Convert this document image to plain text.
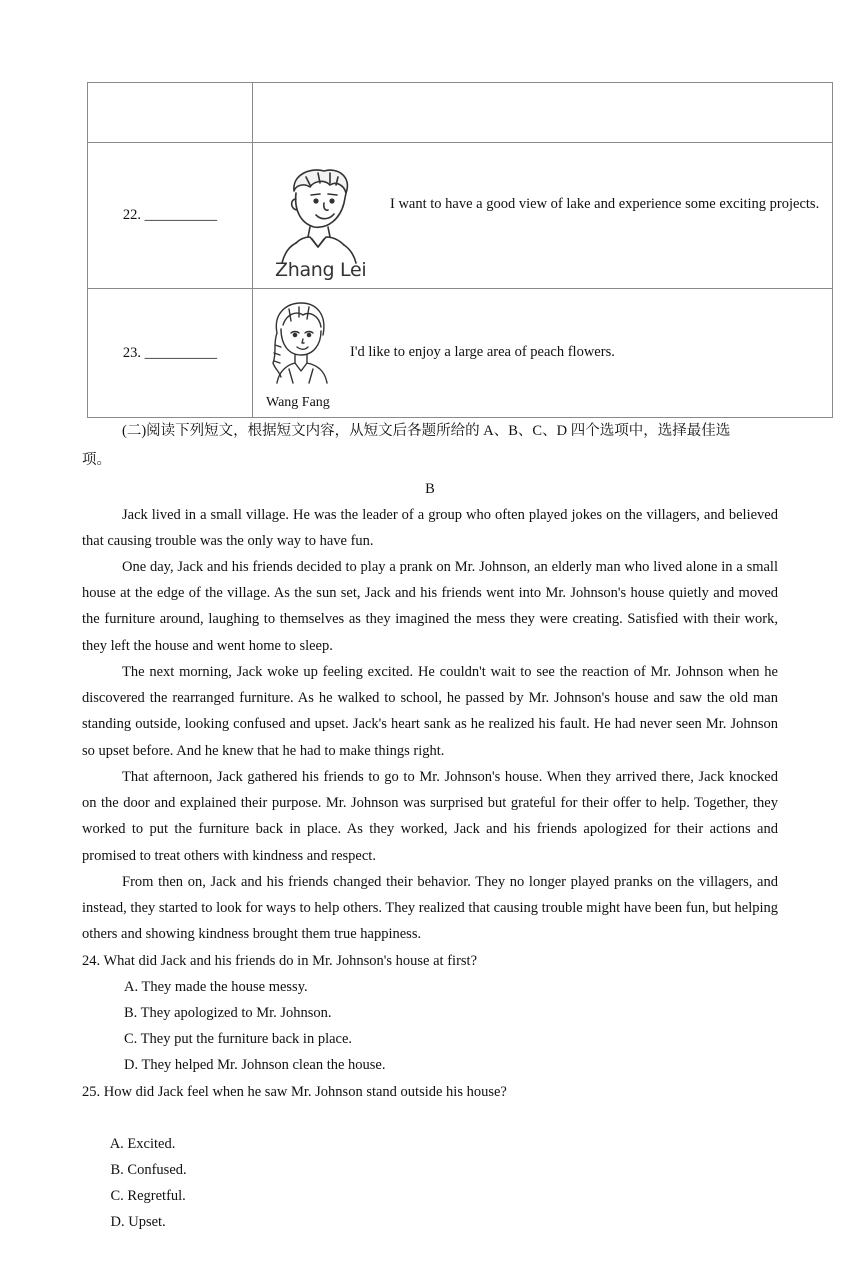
22. __________	Zhang Lei
I want to have a good view of lake and experience some exciting projects.

23. __________	Wang Fang
I'd like to enjoy a large area of peach flowers.
(二)阅读下列短文，根据短文内容，从短文后各题所给的 A、B、C、D 四个选项中，选择最佳选
项。
B
Jack lived in a small village. He was the leader of a group who often played jokes on the villagers, and believed that causing trouble was the only way to have fun.
One day, Jack and his friends decided to play a prank on Mr. Johnson, an elderly man who lived alone in a small house at the edge of the village. As the sun set, Jack and his friends went into Mr. Johnson's house quietly and moved the furniture around, laughing to themselves as they imagined the mess they were creating. Satisfied with their work, they left the house and went home to sleep.
The next morning, Jack woke up feeling excited. He couldn't wait to see the reaction of Mr. Johnson when he discovered the rearranged furniture. As he walked to school, he passed by Mr. Johnson's house and saw the old man standing outside, looking confused and upset. Jack's heart sank as he realized his fault. He had never seen Mr. Johnson so upset before. And he knew that he had to make things right.
That afternoon, Jack gathered his friends to go to Mr. Johnson's house. When they arrived there, Jack knocked on the door and explained their purpose. Mr. Johnson was surprised but grateful for their offer to help. Together, they worked to put the furniture back in place. As they worked, Jack and his friends apologized for their actions and promised to treat others with kindness and respect.
From then on, Jack and his friends changed their behavior. They no longer played pranks on the villagers, and instead, they started to look for ways to help others. They realized that causing trouble might have been fun, but helping others and showing kindness brought them true happiness.
24. What did Jack and his friends do in Mr. Johnson's house at first?
A. They made the house messy.
B. They apologized to Mr. Johnson.
C. They put the furniture back in place.
D. They helped Mr. Johnson clean the house.
25. How did Jack feel when he saw Mr. Johnson stand outside his house?

A. Excited.
B. Confused.
C. Regretful.
D. Upset.
